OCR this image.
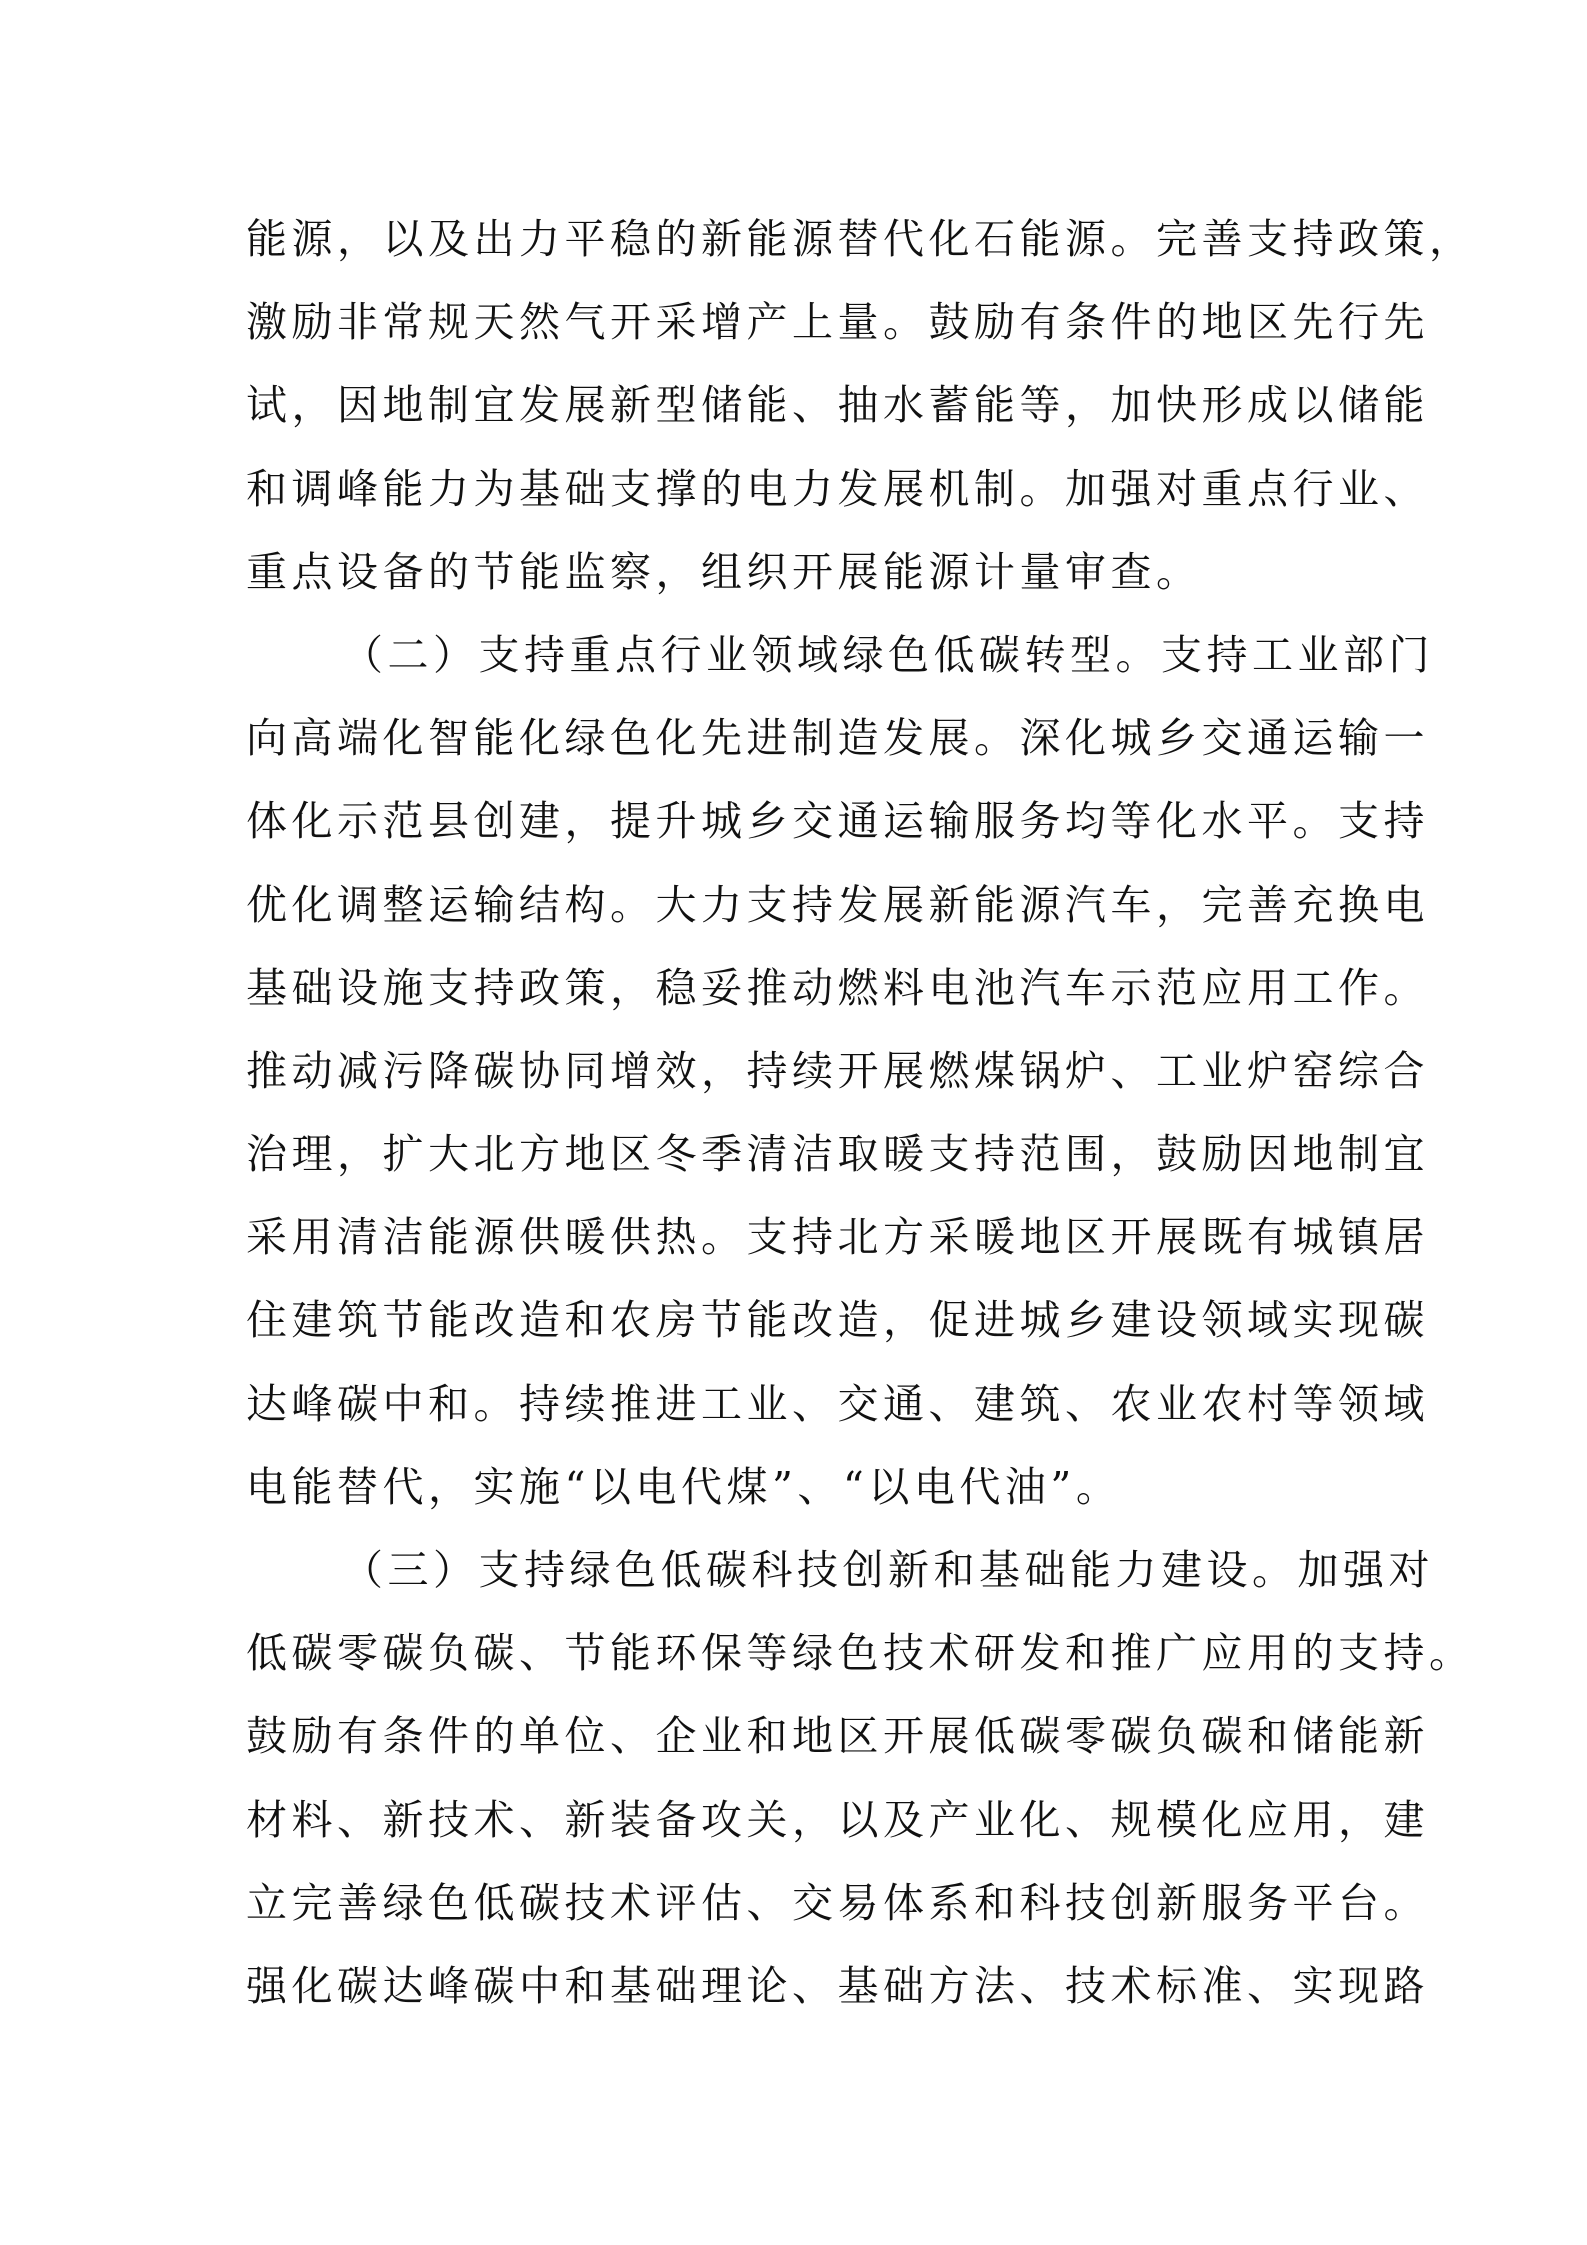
能源，以及出力平稳的新能源替代化石能源。完善支持政策，
激励非常规天然气开采增产上量。鼓励有条件的地区先行先
试，因地制宜发展新型储能、抽水蓄能等，加快形成以储能
和调峰能力为基础支撑的电力发展机制。加强对重点行业、
重点设备的节能监察，组织开展能源计量审查。
（二）支持重点行业领域绿色低碳转型。支持工业部门
向高端化智能化绿色化先进制造发展。深化城乡交通运输一
体化示范县创建，提升城乡交通运输服务均等化水平。支持
优化调整运输结构。大力支持发展新能源汽车，完善充换电
基础设施支持政策，稳妥推动燃料电池汽车示范应用工作。
推动减污降碳协同增效，持续开展燃煤锅炉、工业炉窑综合
治理，扩大北方地区冬季清洁取暖支持范围，鼓励因地制宜
采用清洁能源供暖供热。支持北方采暖地区开展既有城镇居
住建筑节能改造和农房节能改造，促进城乡建设领域实现碳
达峰碳中和。持续推进工业、交通、建筑、农业农村等领域
电能替代，实施“以电代煤”、“以电代油”。
（三）支持绿色低碳科技创新和基础能力建设。加强对
低碳零碳负碳、节能环保等绿色技术研发和推广应用的支持。
鼓励有条件的单位、企业和地区开展低碳零碳负碳和储能新
材料、新技术、新装备攻关，以及产业化、规模化应用，建
立完善绿色低碳技术评估、交易体系和科技创新服务平台。
强化碳达峰碳中和基础理论、基础方法、技术标准、实现路
